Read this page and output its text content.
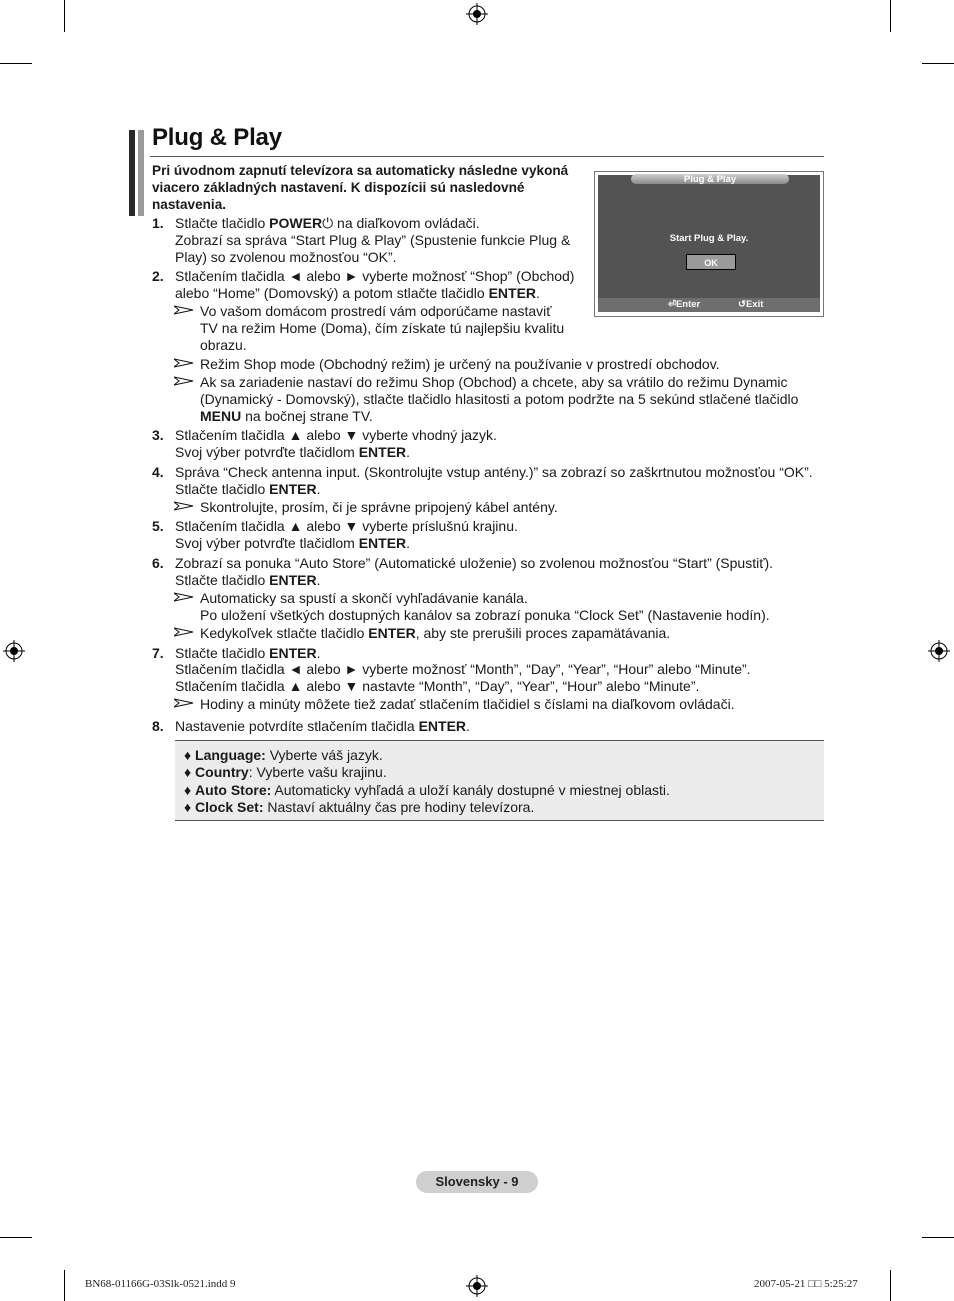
Plug & Play
Pri úvodnom zapnutí televízora sa automaticky následne vykoná viacero základných nastavení. K dispozícii sú nasledovné nastavenia.
Plug & Play
Start Plug & Play.
OK
⏎Enter	↺Exit
1. Stlačte tlačidlo POWER⏻ na diaľkovom ovládači.
Zobrazí sa správa “Start Plug & Play” (Spustenie funkcie Plug &
Play) so zvolenou možnosťou “OK”.
2. Stlačením tlačidla ◄ alebo ► vyberte možnosť “Shop” (Obchod)
alebo “Home” (Domovský) a potom stlačte tlačidlo ENTER.
Vo vašom domácom prostredí vám odporúčame nastaviť
TV na režim Home (Doma), čím získate tú najlepšiu kvalitu
obrazu.
Režim Shop mode (Obchodný režim) je určený na používanie v prostredí obchodov.
Ak sa zariadenie nastaví do režimu Shop (Obchod) a chcete, aby sa vrátilo do režimu Dynamic
(Dynamický - Domovský), stlačte tlačidlo hlasitosti a potom podržte na 5 sekúnd stlačené tlačidlo
MENU na bočnej strane TV.
3. Stlačením tlačidla ▲ alebo ▼ vyberte vhodný jazyk.
Svoj výber potvrďte tlačidlom ENTER.
4. Správa “Check antenna input. (Skontrolujte vstup antény.)” sa zobrazí so zaškrtnutou možnosťou “OK”.
Stlačte tlačidlo ENTER.
Skontrolujte, prosím, či je správne pripojený kábel antény.
5. Stlačením tlačidla ▲ alebo ▼ vyberte príslušnú krajinu.
Svoj výber potvrďte tlačidlom ENTER.
6. Zobrazí sa ponuka “Auto Store” (Automatické uloženie) so zvolenou možnosťou “Start” (Spustiť).
Stlačte tlačidlo ENTER.
Automaticky sa spustí a skončí vyhľadávanie kanála.
Po uložení všetkých dostupných kanálov sa zobrazí ponuka “Clock Set” (Nastavenie hodín).
Kedykoľvek stlačte tlačidlo ENTER, aby ste prerušili proces zapamätávania.
7. Stlačte tlačidlo ENTER.
Stlačením tlačidla ◄ alebo ► vyberte možnosť “Month”, “Day”, “Year”, “Hour” alebo “Minute”.
Stlačením tlačidla ▲ alebo ▼ nastavte “Month”, “Day”, “Year”, “Hour” alebo “Minute”.
Hodiny a minúty môžete tiež zadať stlačením tlačidiel s číslami na diaľkovom ovládači.
8. Nastavenie potvrdíte stlačením tlačidla ENTER.
♦ Language: Vyberte váš jazyk.
♦ Country: Vyberte vašu krajinu.
♦ Auto Store: Automaticky vyhľadá a uloží kanály dostupné v miestnej oblasti.
♦ Clock Set: Nastaví aktuálny čas pre hodiny televízora.
Slovensky - 9
BN68-01166G-03Slk-0521.indd 9	2007-05-21 □□ 5:25:27
